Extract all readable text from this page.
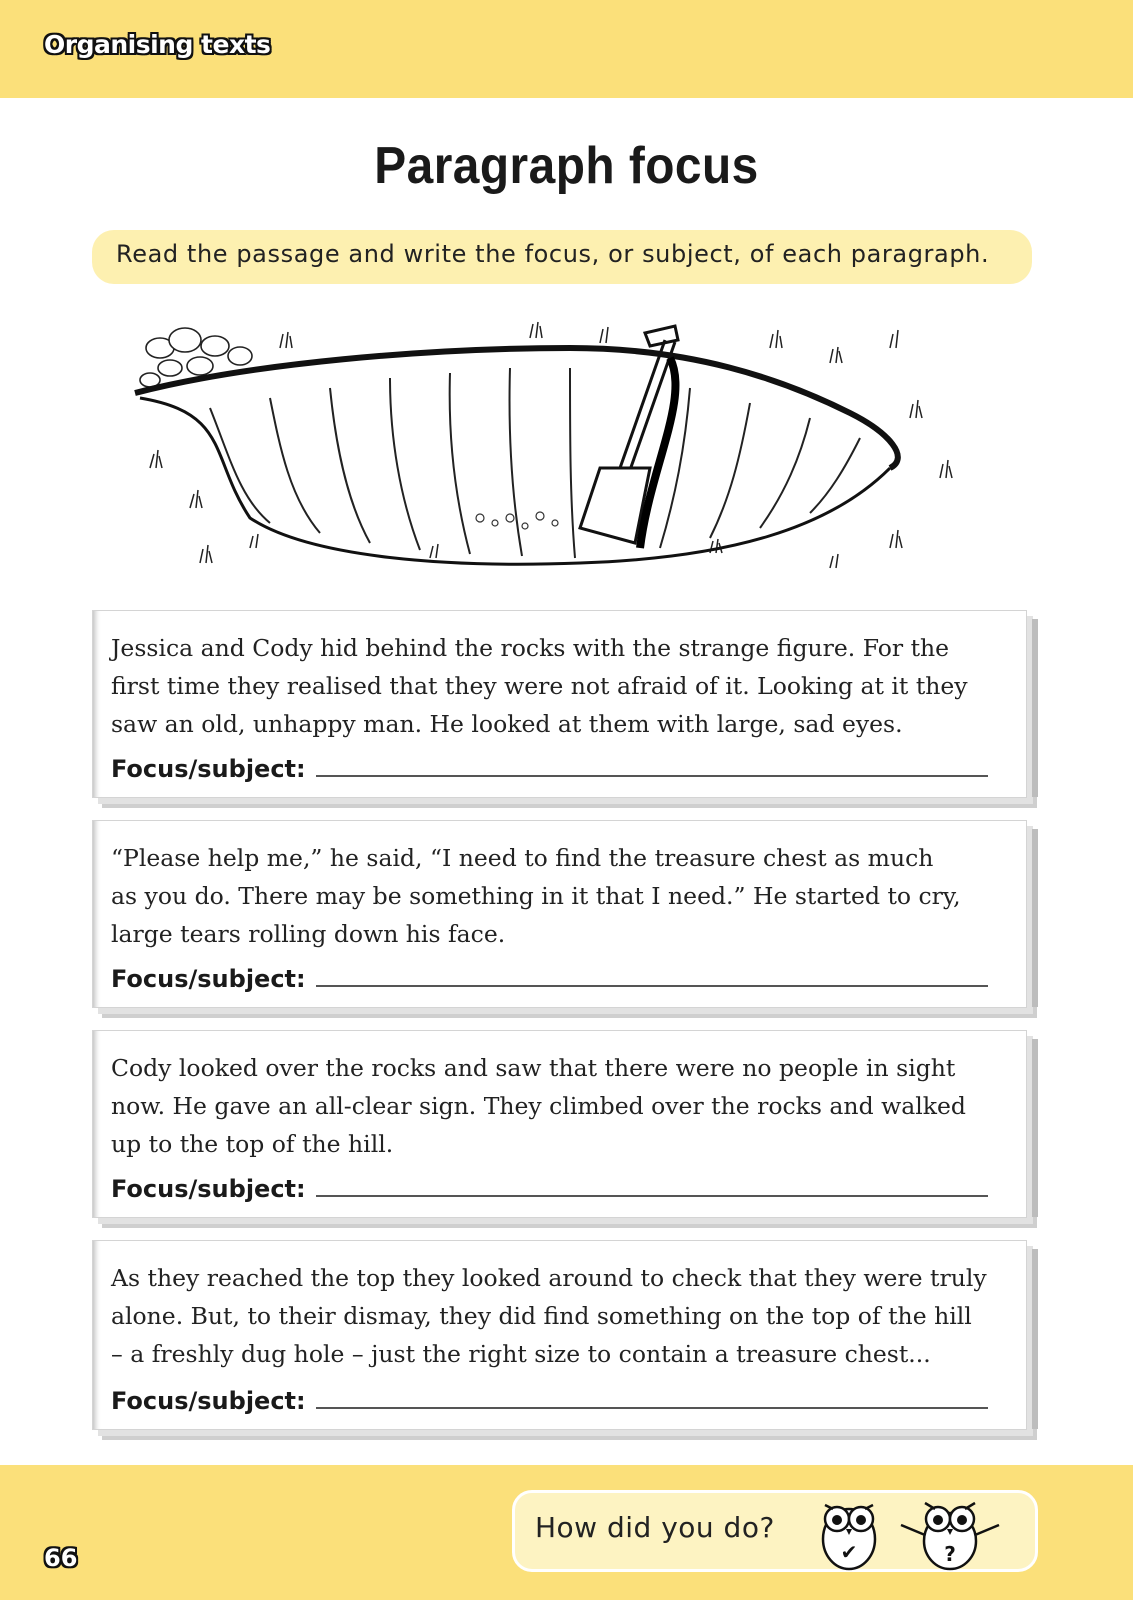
Organising texts
Paragraph focus
Read the passage and write the focus, or subject, of each paragraph.

Jessica and Cody hid behind the rocks with the strange figure. For the
first time they realised that they were not afraid of it. Looking at it they
saw an old, unhappy man. He looked at them with large, sad eyes.

Focus/subject:

“Please help me,” he said, “I need to find the treasure chest as much
as you do. There may be something in it that I need.” He started to cry,
large tears rolling down his face.

Focus/subject:

Cody looked over the rocks and saw that there were no people in sight
now. He gave an all-clear sign. They climbed over the rocks and walked
up to the top of the hill.

Focus/subject:

As they reached the top they looked around to check that they were truly
alone. But, to their dismay, they did find something on the top of the hill
– a freshly dug hole – just the right size to contain a treasure chest...

Focus/subject:
66
How did you do?
✔	?
